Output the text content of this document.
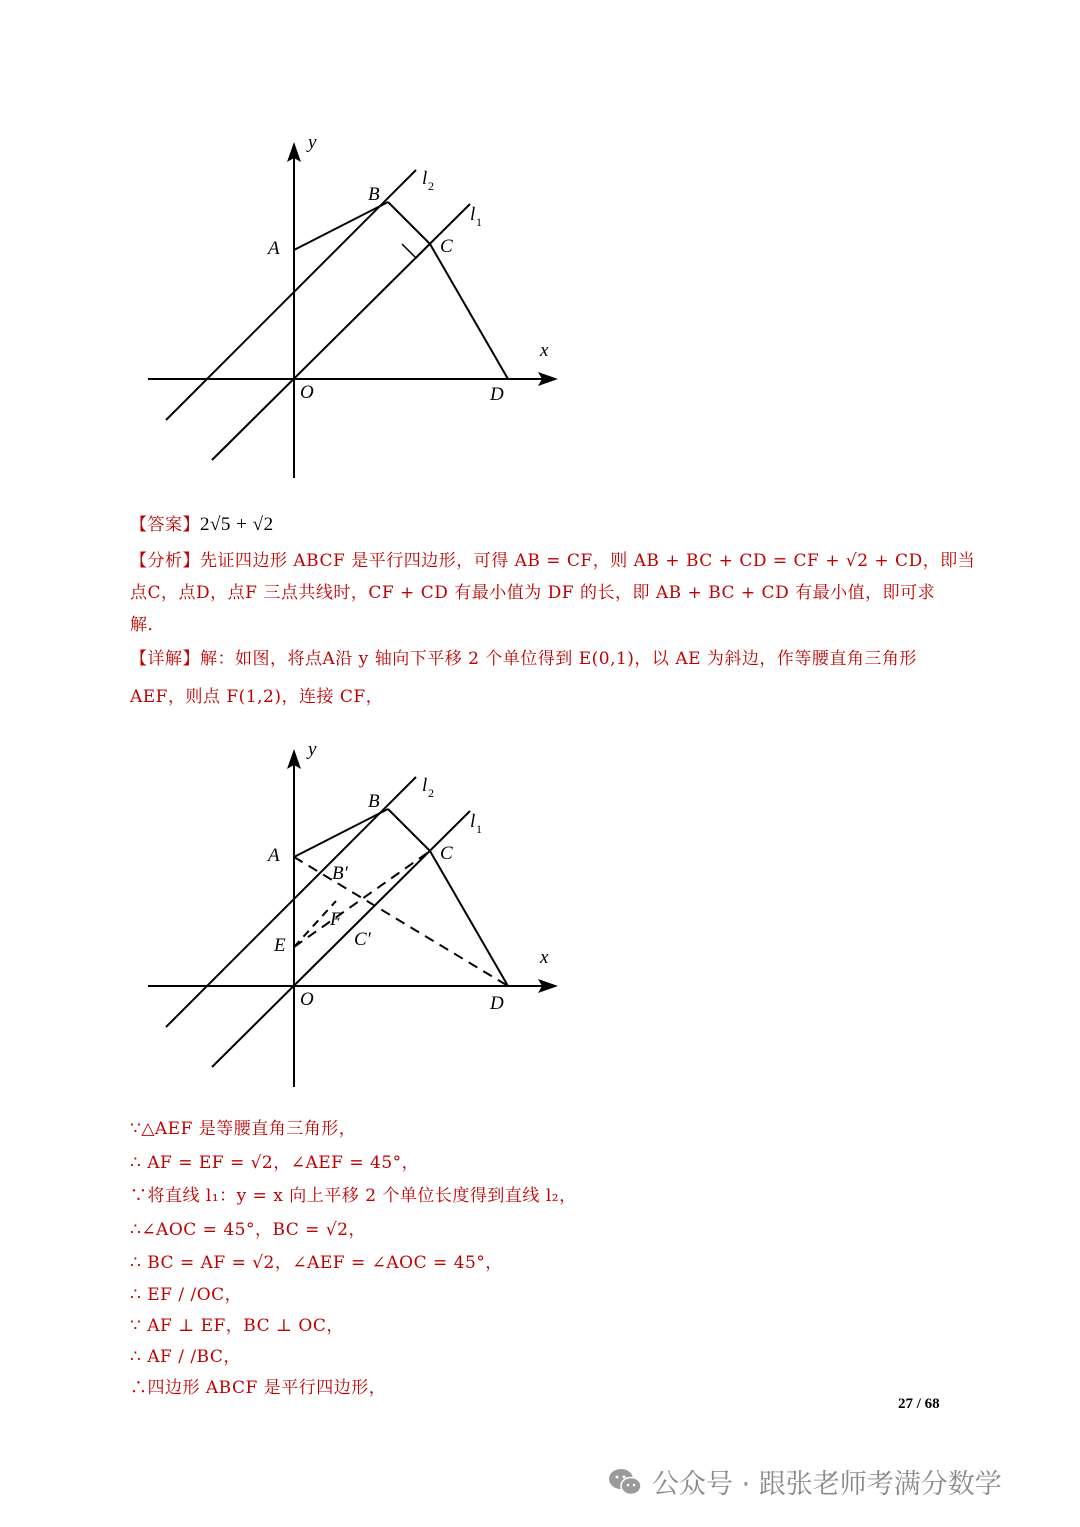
y
x
O
A
B
C
D
l 2
l 1
【答案】2√5 + √2
【分析】先证四边形 ABCF 是平行四边形，可得 AB = CF，则 AB + BC + CD = CF + √2 + CD，即当
点C，点D，点F 三点共线时，CF + CD 有最小值为 DF 的长，即 AB + BC + CD 有最小值，即可求
解．
【详解】解：如图，将点A沿 y 轴向下平移 2 个单位得到 E(0,1)，以 AE 为斜边，作等腰直角三角形
AEF，则点 F(1,2)，连接 CF，
y
x
O
A
B
C
D
E
F
B′
C′
l 2
l 1
∵△AEF 是等腰直角三角形，
∴ AF = EF = √2，∠AEF = 45°，
∵将直线 l₁：y = x 向上平移 2 个单位长度得到直线 l₂，
∴∠AOC = 45°，BC = √2，
∴ BC = AF = √2，∠AEF = ∠AOC = 45°，
∴ EF / /OC，
∵ AF ⊥ EF，BC ⊥ OC，
∴ AF / /BC，
∴四边形 ABCF 是平行四边形，
27 / 68
公众号 · 跟张老师考满分数学
